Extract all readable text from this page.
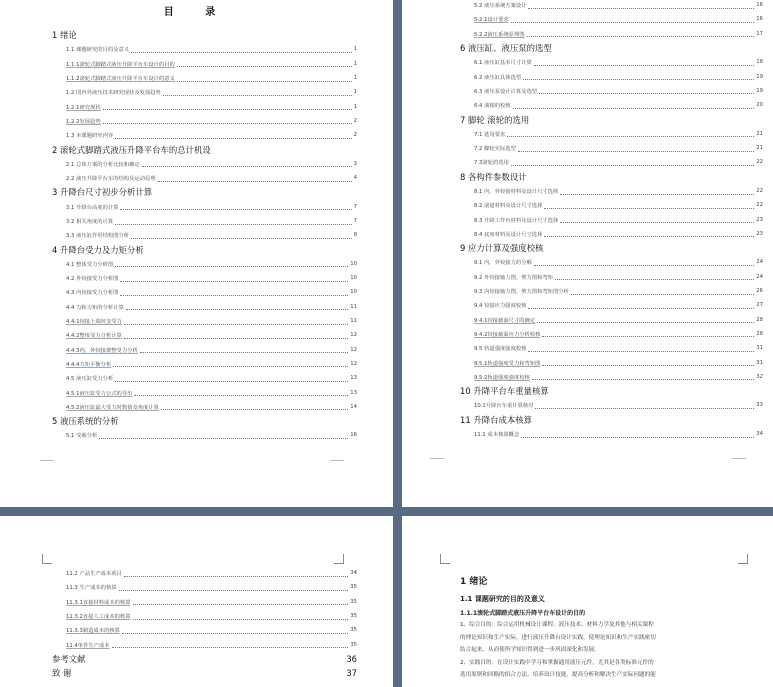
目 录
1 绪论
1.1 课题研究的目的及意义	1
1.1.1滚轮式脚踏式液压升降平台车设计的目的	1
1.1.2滚轮式脚踏式液压升降平台车设计的意义	1
1.2 国内外液压技术研究现状及发展趋势	1
1.2.1研究现状	1
1.2.2发展趋势	2
1.3 本课题研究内容	2
2 滚轮式脚踏式液压升降平台车的总计机设
2.1 总体方案的分析比较和确定	3
2.2 液压升降平台车的结构及运动原理	4
3 升降台尺寸初步分析计算
3.1 升降台高度的计算	7
3.2 相关角度的计算	7
3.3 液压缸作用结构图分析	8
4 升降台受力及力矩分析
4.1 整体受力分析图	10
4.2 外铰接受力分析图	10
4.3 内铰接受力分析图	10
4.4 力和力矩的分析计算	11
4.4.1铰接上端铰支受力	11
4.4.2整体受力分析计算	12
4.4.3内、外铰接架整受力分析	12
4.4.4力矩平衡分析	12
4.5 液压缸受力分析	13
4.5.1液压缸受力公式的导出	13
4.5.2液压缸最大受力时数值及角度计算	14
5 液压系统的分析
5.1 受载分析	16
5.2 液压系统方案设计	16
5.2.1设计要求	16
5.2.2液压系统原理图	17
6 液压缸、液压泵的选型
6.1 液压缸基本尺寸计算	18
6.2 液压缸具体选型	19
6.3 液压泵设计计算及选型	19
6.4 油箱的校核	20
7 脚轮 滚轮的选用
7.1 选用要求	21
7.2 脚轮实际选型	21
7.3滚轮的选用	22
8 各构件参数设计
8.1 内、外铰接材料及设计尺寸选择	22
8.2 滚道材料及设计尺寸选择	22
8.3 升降工作台材料及设计尺寸选择	23
8.4 底座材料及设计尺寸选择	23
9 应力计算及强度校核
9.1 内、外铰接力的分解	24
9.2 外铰接轴力图、剪力图和弯矩	24
9.3 内铰接轴力图、剪力图和弯矩图分析	26
9.4 铰接应力强度校核	27
9.4.1铰接截面尺寸的确定	28
9.4.2铰接截面应力分析校核	28
9.5 轨道强度强度校核	31
9.5.1轨道强度受力和弯矩图	31
9.5.2轨道强度强度校核	32
10 升降平台车重量核算
10.1升降台车重计算核对	33
11 升降台成本核算
11.1 成本核算概念	34
11.2 产品生产成本项目	34
11.3 生产成本的核算	35
11.3.1直接材料成本的核算	35
11.3.2直接人工成本的核算	35
11.3.3制造成本的核算	35
11.4单件生产成本	35
参考文献	36
致 谢	37
1 绪论
1.1 课题研究的目的及意义
1.1.1滚轮式脚踏式液压升降平台车设计的目的
1、综合目的：综合运用机械设计课程、液压技术、材料力学及其他与相关课程
的理论知识和生产实际，进行液压升降台设计实践，使理论知识和生产实践密切
结合起来，从而使所学知识得到进一步巩固深化和发展。
2、实践目的：在设计实践中学习和掌握通用液压元件，尤其是各类标准元件的
选用原则和回路的组合方法，培养设计技能，提高分析和解决生产实际问题的能
